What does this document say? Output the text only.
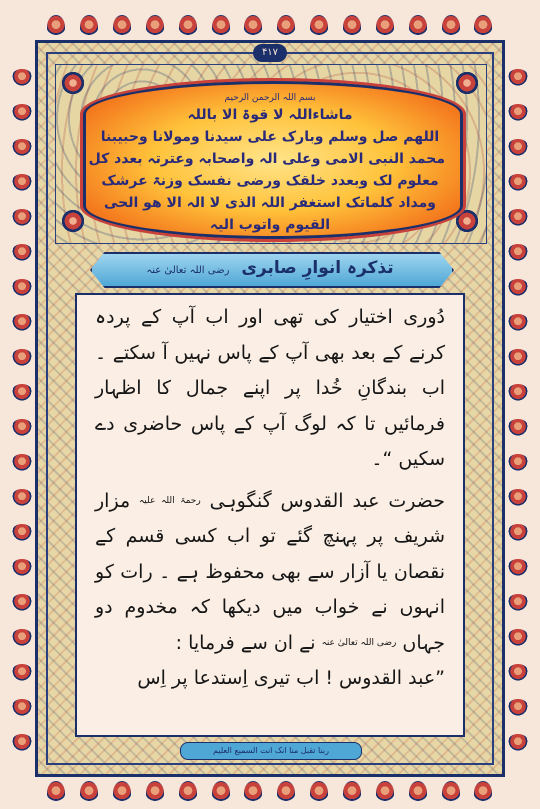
۴۱۷
بسم اللہ الرحمن الرحیم
ماشاءاللہ لا قوۃ الا باللہ
اللھم صل وسلم وبارک علی سیدنا ومولانا وحبیبنا
محمد النبی الامی وعلی الہ واصحابہ وعترتہ بعدد کل
معلوم لک وبعدد خلقک ورضی نفسک وزنۃ عرشک
ومداد کلماتک استغفر اللہ الذی لا الہ الا ھو الحی
القیوم واتوب الیہ
تذکرہ انوارِ صابری رضی اللہ تعالیٰ عنہ
دُوری اختیار کی تھی اور اب آپ کے پردہ کرنے کے بعد بھی آپ کے پاس نہیں آ سکتے ۔ اب بندگانِ خُدا پر اپنے جمال کا اظہار فرمائیں تا کہ لوگ آپ کے پاس حاضری دے سکیں “۔
حضرت عبد القدوس گنگوہی $^{رحمۃ اللہ علیہ}$ مزار شریف پر پہنچ گئے تو اب کسی قسم کے نقصان یا آزار سے بھی محفوظ ہے ۔ رات کو انہوں نے خواب میں دیکھا کہ مخدوم دو جہاں $^{رضی اللہ تعالیٰ عنہ}$ نے ان سے فرمایا :
”عبد القدوس ! اب تیری اِستدعا پر اِس
ربنا تقبل منا انک انت السمیع العلیم
